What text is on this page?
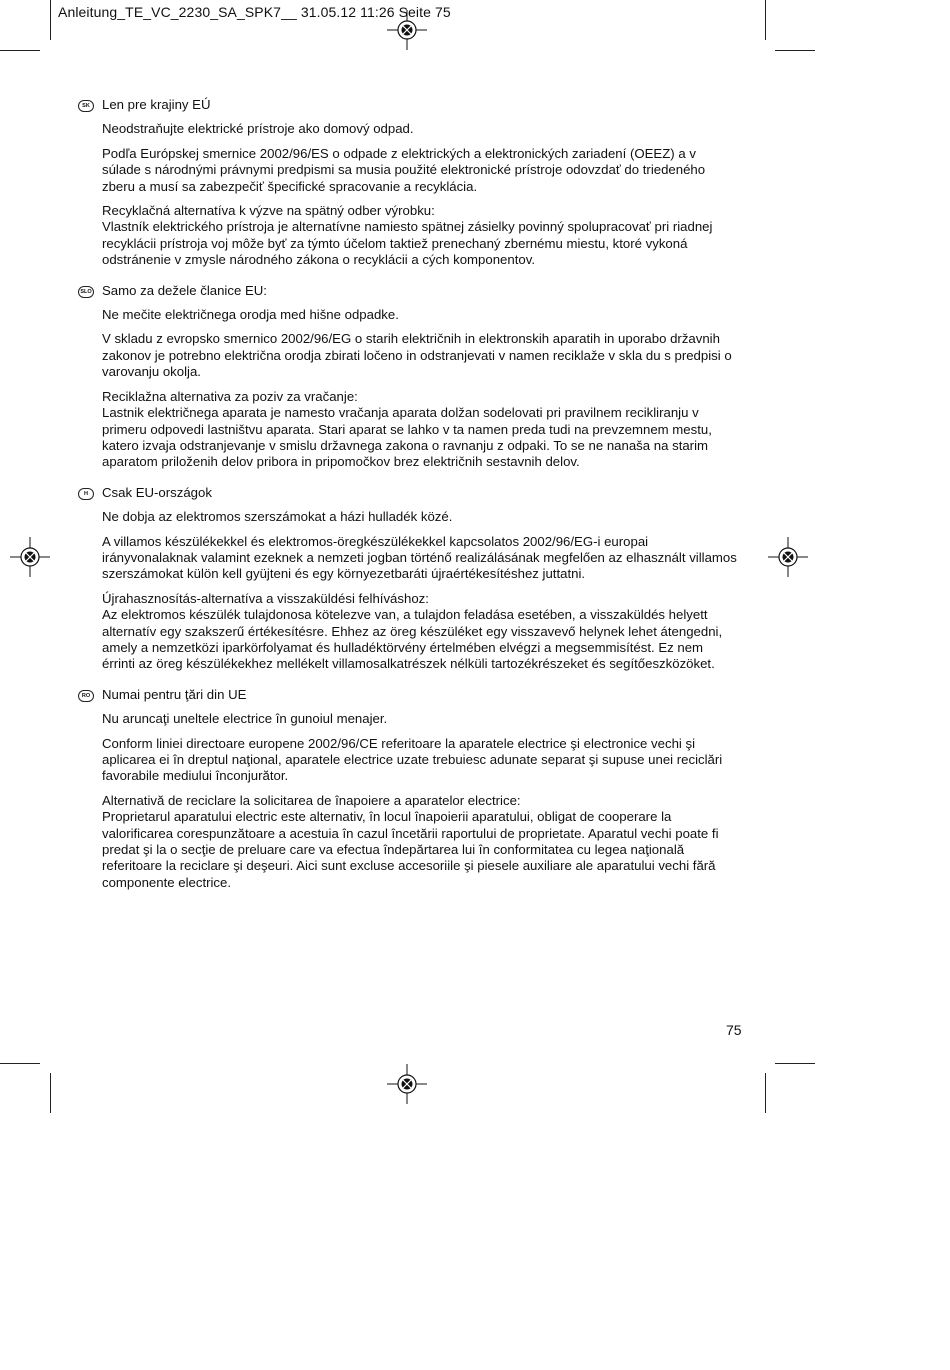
Anleitung_TE_VC_2230_SA_SPK7__ 31.05.12 11:26 Seite 75
SK Len pre krajiny EÚ

Neodstraňujte elektrické prístroje ako domový odpad.

Podľa Európskej smernice 2002/96/ES o odpade z elektrických a elektronických zariadení (OEEZ) a v súlade s národnými právnymi predpismi sa musia použité elektronické prístroje odovzdať do triedeného zberu a musí sa zabezpečiť špecifické spracovanie a recyklácia.

Recyklačná alternatíva k výzve na spätný odber výrobku:
Vlastník elektrického prístroja je alternatívne namiesto spätnej zásielky povinný spolupracovať pri riadnej recyklácii prístroja voj môže byť za týmto účelom taktiež prenechaný zbernému miestu, ktoré vykoná odstránenie v zmysle národného zákona o recyklácii a cých komponentov.

SLO Samo za dežele članice EU:

Ne mečite električnega orodja med hišne odpadke.

V skladu z evropsko smernico 2002/96/EG o starih električnih in elektronskih aparatih in uporabo državnih zakonov je potrebno električna orodja zbirati ločeno in odstranjevati v namen reciklaže v skla du s predpisi o varovanju okolja.

Reciklažna alternativa za poziv za vračanje:
Lastnik električnega aparata je namesto vračanja aparata dolžan sodelovati pri pravilnem recikliranju v primeru odpovedi lastništvu aparata. Stari aparat se lahko v ta namen preda tudi na prevzemnem mestu, katero izvaja odstranjevanje v smislu državnega zakona o ravnanju z odpaki. To se ne nanaša na starim aparatom priloženih delov pribora in pripomočkov brez električnih sestavnih delov.

H	Csak EU-országok

Ne dobja az elektromos szerszámokat a házi hulladék közé.

A villamos készülékekkel és elektromos-öregkészülékekkel kapcsolatos 2002/96/EG-i europai irányvonalaknak valamint ezeknek a nemzeti jogban történő realizálásának megfelően az elhasznált villamos szerszámokat külön kell gyüjteni és egy környezetbaráti újraértékesítéshez juttatni.

Újrahasznosítás-alternatíva a visszaküldési felhíváshoz:
Az elektromos készülék tulajdonosa kötelezve van, a tulajdon feladása esetében, a visszaküldés helyett alternatív egy szakszerű értékesítésre. Ehhez az öreg készüléket egy visszavevő helynek lehet átengedni, amely a nemzetközi iparkörfolyamat és hulladéktörvény értelmében elvégzi a megsemmisítést. Ez nem érrinti az öreg készülékekhez mellékelt villamosalkatrészek nélküli tartozékrészeket és segítőeszközöket.

RO Numai pentru ţări din UE

Nu aruncaţi uneltele electrice în gunoiul menajer.

Conform liniei directoare europene 2002/96/CE referitoare la aparatele electrice şi electronice vechi şi aplicarea ei în dreptul naţional, aparatele electrice uzate trebuiesc adunate separat şi supuse unei reciclări favorabile mediului înconjurător.

Alternativă de reciclare la solicitarea de înapoiere a aparatelor electrice:
Proprietarul aparatului electric este alternativ, în locul înapoierii aparatului, obligat de cooperare la valorificarea corespunzătoare a acestuia în cazul încetării raportului de proprietate. Aparatul vechi poate fi predat şi la o secţie de preluare care va efectua îndepărtarea lui în conformitatea cu legea naţională referitoare la reciclare şi deşeuri. Aici sunt excluse accesoriile şi piesele auxiliare ale aparatului vechi fără componente electrice.

75
